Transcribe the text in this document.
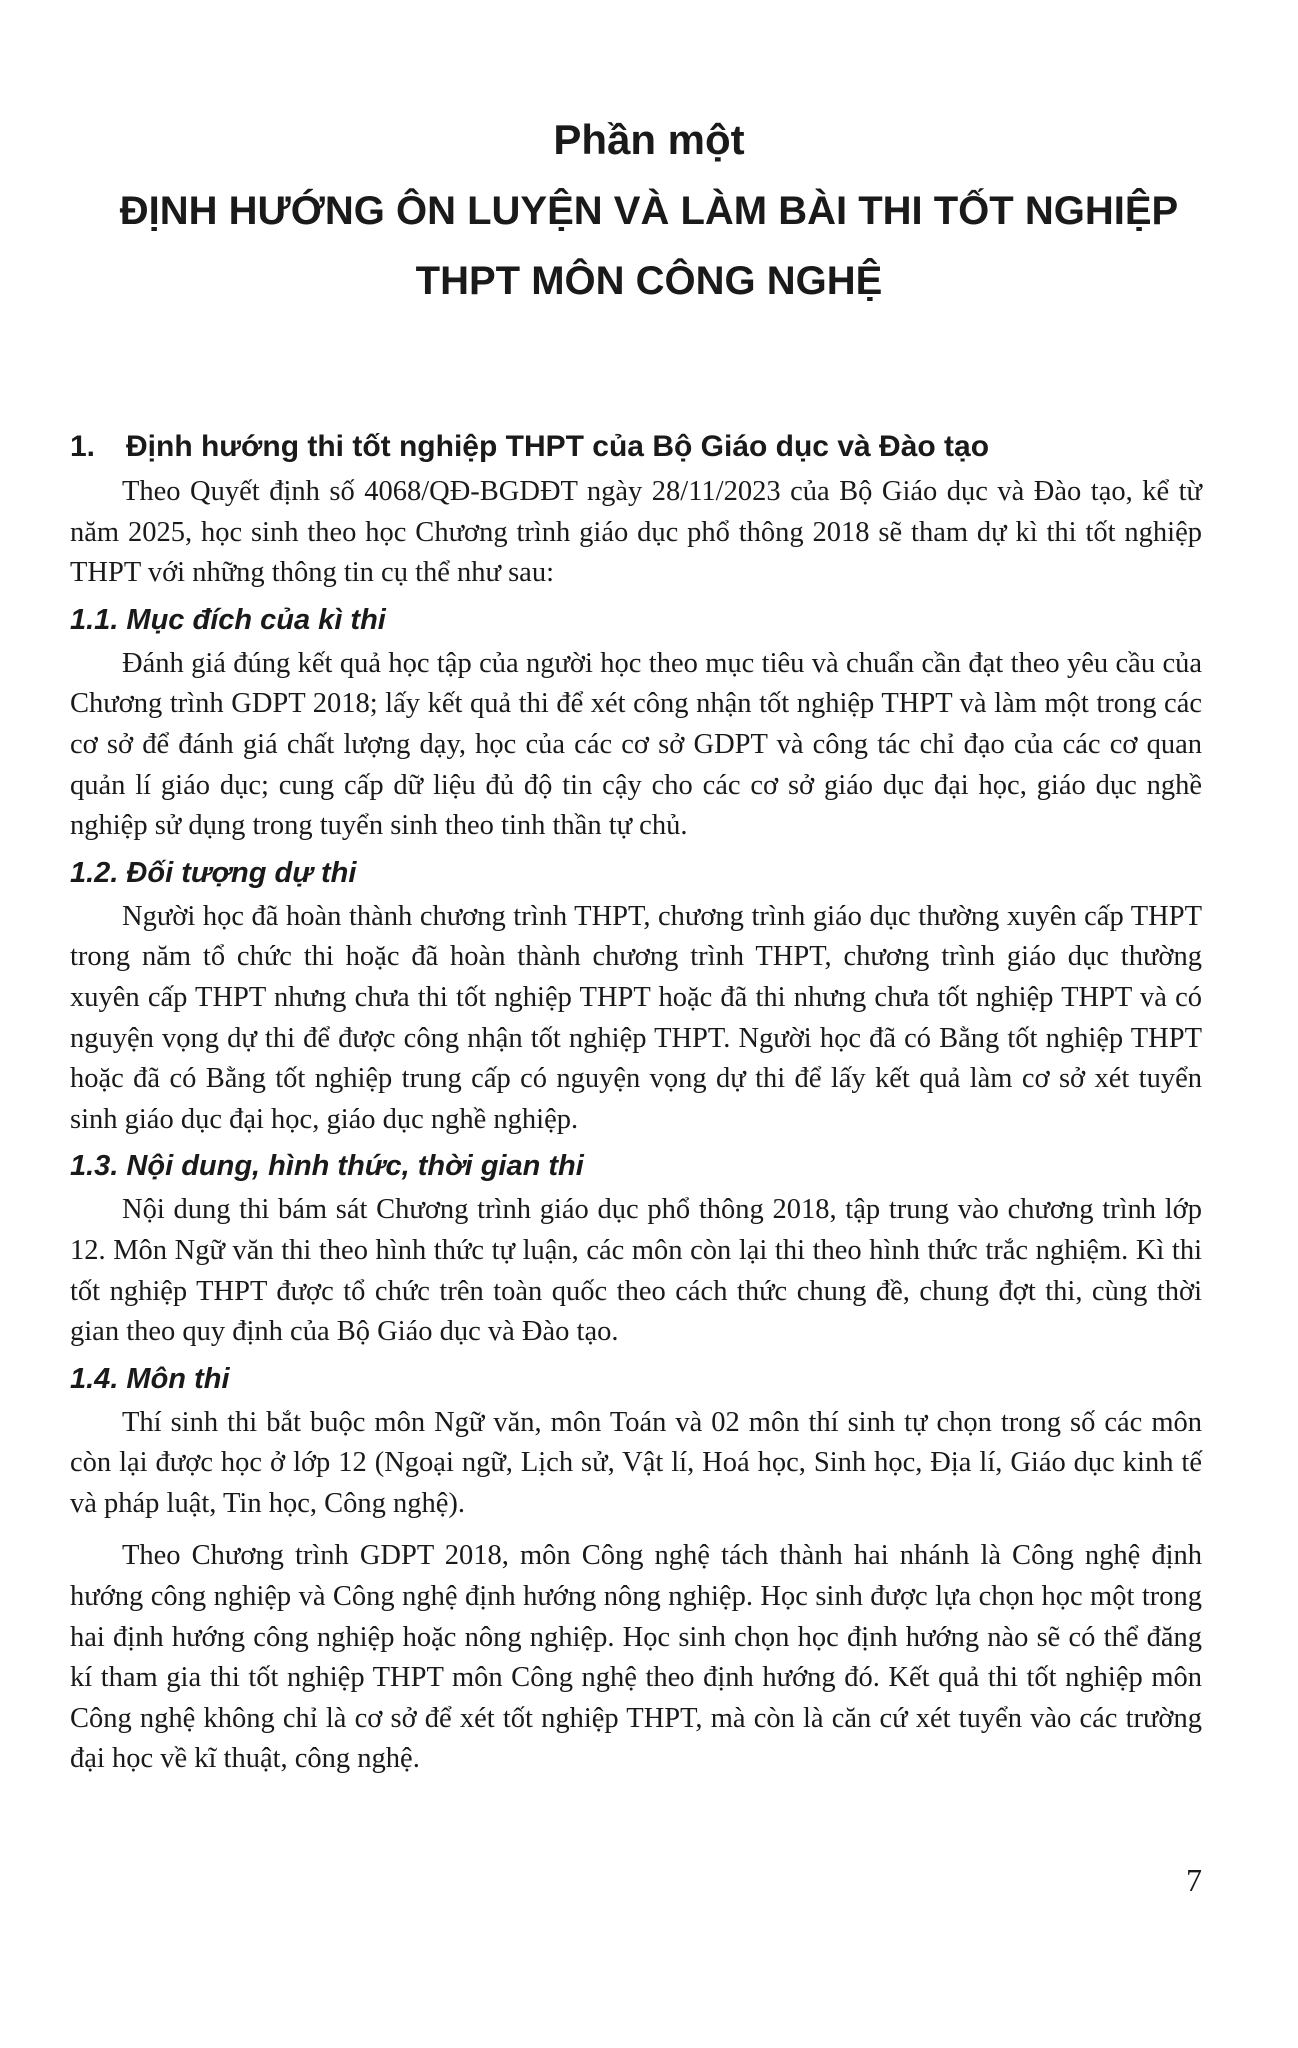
Phần một
ĐỊNH HƯỚNG ÔN LUYỆN VÀ LÀM BÀI THI TỐT NGHIỆP
THPT MÔN CÔNG NGHỆ
1. Định hướng thi tốt nghiệp THPT của Bộ Giáo dục và Đào tạo

Theo Quyết định số 4068/QĐ-BGDĐT ngày 28/11/2023 của Bộ Giáo dục và Đào tạo, kể từ năm 2025, học sinh theo học Chương trình giáo dục phổ thông 2018 sẽ tham dự kì thi tốt nghiệp THPT với những thông tin cụ thể như sau:

1.1. Mục đích của kì thi

Đánh giá đúng kết quả học tập của người học theo mục tiêu và chuẩn cần đạt theo yêu cầu của Chương trình GDPT 2018; lấy kết quả thi để xét công nhận tốt nghiệp THPT và làm một trong các cơ sở để đánh giá chất lượng dạy, học của các cơ sở GDPT và công tác chỉ đạo của các cơ quan quản lí giáo dục; cung cấp dữ liệu đủ độ tin cậy cho các cơ sở giáo dục đại học, giáo dục nghề nghiệp sử dụng trong tuyển sinh theo tinh thần tự chủ.

1.2. Đối tượng dự thi

Người học đã hoàn thành chương trình THPT, chương trình giáo dục thường xuyên cấp THPT trong năm tổ chức thi hoặc đã hoàn thành chương trình THPT, chương trình giáo dục thường xuyên cấp THPT nhưng chưa thi tốt nghiệp THPT hoặc đã thi nhưng chưa tốt nghiệp THPT và có nguyện vọng dự thi để được công nhận tốt nghiệp THPT. Người học đã có Bằng tốt nghiệp THPT hoặc đã có Bằng tốt nghiệp trung cấp có nguyện vọng dự thi để lấy kết quả làm cơ sở xét tuyển sinh giáo dục đại học, giáo dục nghề nghiệp.

1.3. Nội dung, hình thức, thời gian thi

Nội dung thi bám sát Chương trình giáo dục phổ thông 2018, tập trung vào chương trình lớp 12. Môn Ngữ văn thi theo hình thức tự luận, các môn còn lại thi theo hình thức trắc nghiệm. Kì thi tốt nghiệp THPT được tổ chức trên toàn quốc theo cách thức chung đề, chung đợt thi, cùng thời gian theo quy định của Bộ Giáo dục và Đào tạo.

1.4. Môn thi

Thí sinh thi bắt buộc môn Ngữ văn, môn Toán và 02 môn thí sinh tự chọn trong số các môn còn lại được học ở lớp 12 (Ngoại ngữ, Lịch sử, Vật lí, Hoá học, Sinh học, Địa lí, Giáo dục kinh tế và pháp luật, Tin học, Công nghệ).

Theo Chương trình GDPT 2018, môn Công nghệ tách thành hai nhánh là Công nghệ định hướng công nghiệp và Công nghệ định hướng nông nghiệp. Học sinh được lựa chọn học một trong hai định hướng công nghiệp hoặc nông nghiệp. Học sinh chọn học định hướng nào sẽ có thể đăng kí tham gia thi tốt nghiệp THPT môn Công nghệ theo định hướng đó. Kết quả thi tốt nghiệp môn Công nghệ không chỉ là cơ sở để xét tốt nghiệp THPT, mà còn là căn cứ xét tuyển vào các trường đại học về kĩ thuật, công nghệ.

7
